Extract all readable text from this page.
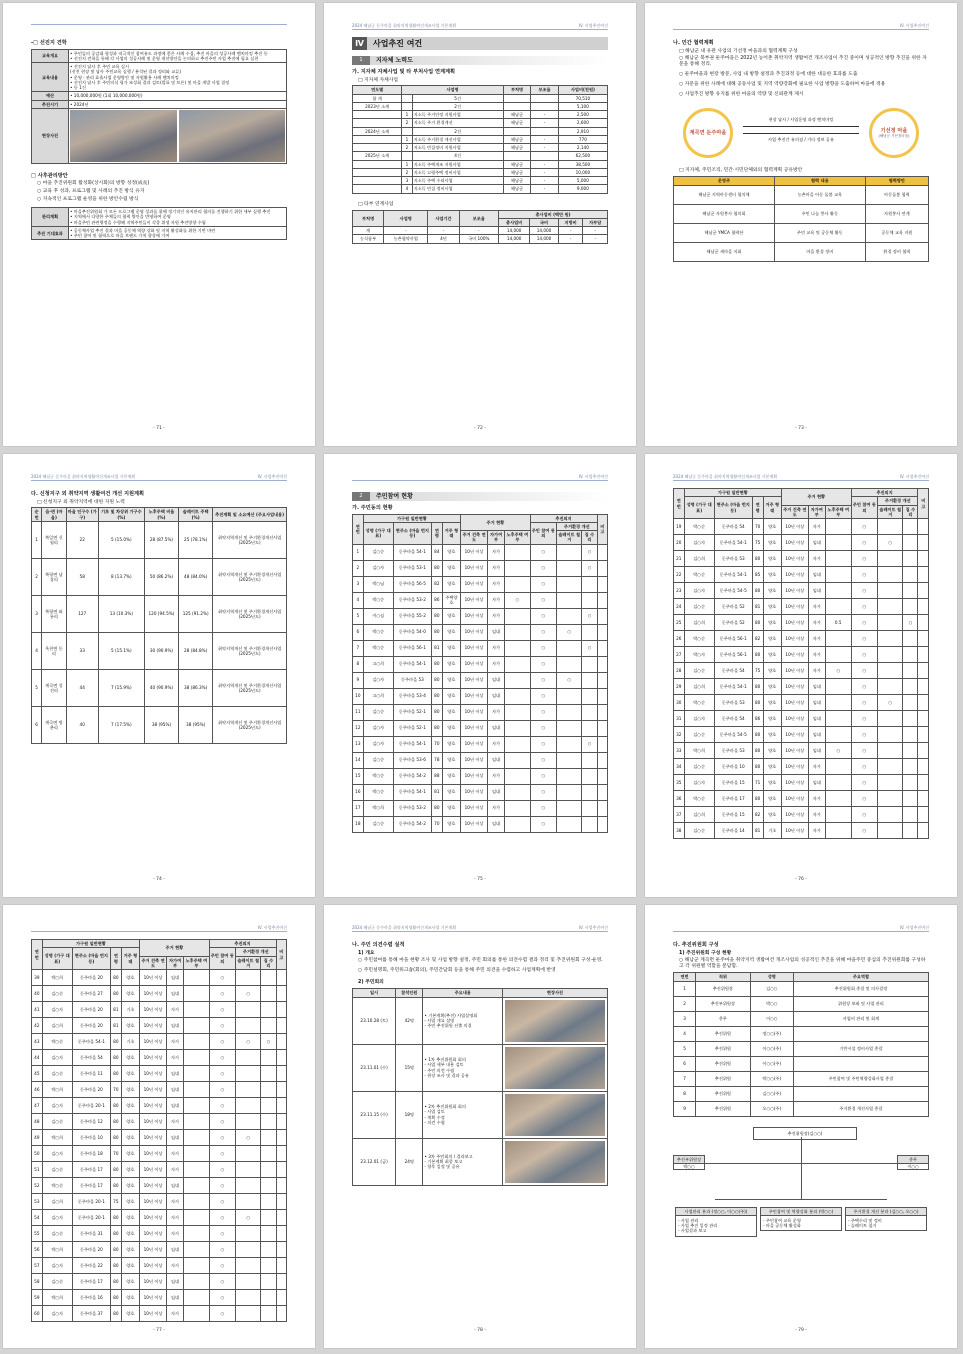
-□ 선진지 견학
교육개요	• 주민들의 공감대 형성과 적극적인 참여유도 과정에 좋은 사례 수집, 추진 마을의 성공사례 벤치마킹 추진 등
• 선진지 견학을 통해 각 사업의 성공사례 및 운영 개선방안을 논의하고 추진주민 사업 추진에 필요 실천

교육내용	• 선진지 답사 후 주민 교육 실시
(선진 현장 및 답사 주민교육 실행 / 분석된 결과 정리와 교류)
• 운영 · 관리 효율사업 운영방안 및 자원활용 사례 벤치마킹
• 선진지 답사 후 주민의식 평가 조성회 결과 검토(발표 및 토론) 및 마을 개발 사업 결정
• 등 1건

예산	• 10,000,000원 (1회 10,000,000원)

추진시기	• 2024년

현장사진	
□ 사후관리방안
○ 마을 추진위원회 활성화(상시화)의 방향 성정(成長)
○ 교육 후 성과, 프로그램 및 사례의 추진 방식 유지
○ 지속적인 프로그램 운영을 위한 방안수립 방식
관리계획	• 마을추진위원회 가 모든 프로그램 운영 성과를 위해 정기적인 유지관리 협의를 진행하기 위한 세부 실행 추진
• 지역에서 다양한 주체들의 협력 방안을 반영하여 운영
• 마을주민 관련행정을 수행해 지역주민들이 각종 위생 자원 추진방향 수립

추진 기대효과	• 공동체사업 추진 결과 마을 공동체 역량 강화 및 지역 활성화를 위한 기반 마련
• 주민 참여 및 협력으로 마을 브랜드 가치 향상에 기여
- 71 -
2024 해남군 둔주마을 취약지역생활여건개조사업 기본계획	IV. 사업추진여건
Ⅳ	사업추진 여건
1	지자체 노력도
가. 지자체 자체사업 및 타 부처사업 연계계획
□ 지자체 자체사업
연도별	사업명		부처명	보조율	사업비(천원)
합 계		5건			70,510
2023년 소계		2건			5,100
	1	저소득 주거안정 지원사업	해남군	-	2,500
	2	저소득 주거 환경개선	해남군	-	2,600
2024년 소계		2건			2,910
	1	저소득 주거환경 개선사업	해남군	-	770
	2	저소득 빈집정비 지원사업	해남군	-	2,140
2025년 소계		4건			62,500
	1	저소득 주택개조 지원사업	해남군	-	38,500
	2	저소득 고령주택 정비사업	해남군	-	10,000
	3	저소득 주택 수리사업	해남군	-	5,000
	4	저소득 빈집 정비사업	해남군	-	9,000
□ 타부 연계사업
부처명	사업명	사업기간	보조율	총사업비 (백만 원)			
				총사업비	국비	지방비	자부담
계	-	-	-	14,000	14,000	-	-
농식품부	농촌협약사업	4년	국비 100%	14,000	14,000	-	-
- 72 -
IV. 사업추진여건
나. 민간 협력계획
□ 해남군 내 유관 사업의 기선정 마을과의 협력계획 구성
○ 해남군 북부권 둔주마을은 2022년 농어촌 취약지역 생활여건 개조사업이 추진 중이며 성공적인 방향 추진을 위한 자문을 통해 정리.
○ 둔주마을과 현장 방문, 사업 내 방향 설정과 추진과정 등에 대한 대응한 효과를 도출
○ 자문을 위한 사례에 대해 공동사업 및 지역 역량강화에 필요한 사업 방향을 도출하여 마을에 적용
○ 사업추진 방향 유지를 위한 마을의 역량 및 신뢰관계 제시
계곡면 둔주마을	기선정 마을
(해남군 기선정마을)
현장 답사 / 사업운영 과정 벤치마킹
사업 추진간 유의점 / 기타 정보 공유
□ 지자체, 주민조직, 민간·시민단체와의 협력계획 공유방안
운영주	협력 내용	협력방안
해남군 지역아동센터 협의체	농촌마을 아동 돌봄 교육	아동돌봄 협력
해남군 자원봉사 협의회	주민 나눔 봉사 활동	자원봉사 연계
해남군 YMCA 협력단	주민 교육 및 공동체 활동	공동체 교육 지원
해남군 새마을 지회	마을 환경 정비	환경 정비 협력
- 73 -
2024 해남군 둔주마을 취약지역생활여건개조사업 기본계획	IV. 사업추진여건
다. 신청지구 외 취약지역 생활여건 개선 지원계획
□ 신청지구 외 취약지역에 대한 지원 노력
순번	읍·면 (마을)	마을 인구수 (가구)	기초 및 차상위 가구수 (%)	노후주택 비율 (%)	슬레이트 주택 (%)	추진계획 및 소요예산 (주요사업내용)
1	북일면 신월리	22	5 (15.0%)	28 (87.5%)	25 (78.1%)	취약지역개선 및 주거환경개선사업 (2025년도)
2	북평면 남창리	58	8 (13.7%)	50 (86.2%)	48 (84.0%)	취약지역개선 및 주거환경개선사업 (2025년도)
3	북평면 와룡리	127	13 (10.3%)	120 (94.5%)	125 (91.2%)	취약지역개선 및 주거환경개선사업 (2025년도)
4	옥천면 동리	33	5 (15.1%)	30 (90.9%)	28 (84.8%)	취약지역개선 및 주거환경개선사업 (2025년도)
5	계곡면 성진리	44	7 (15.9%)	40 (90.9%)	38 (86.3%)	취약지역개선 및 주거환경개선사업 (2025년도)
6	계곡면 방춘리	40	7 (17.5%)	38 (95%)	38 (95%)	취약지역개선 및 주거환경개선사업 (2025년도)
- 74 -
IV. 사업추진여건
2	주민참여 현황
가. 주민동의 현황
연번	가구원 일반현황				주거 현황			추진의지			비고
	성명 (가구 대표)	현주소 (마을 번지 등)	연령	거주 형태				주민 참여 동의	주거환경 개선		
					주거 건축 연도	자가여부	노후주택 여부		슬레이트 철거	집 수리	
1	김○순	둔주마을 54-1	84	양호	10년 이상	자가		○		○	
2	김○자	둔주마을 53-1	80	양호	10년 이상	자가		○		○	
3	박○님	둔주마을 56-5	82	양호	10년 이상	자가		○			
4	박○순	둔주마을 53-2	86	주택양호	10년 이상	자가	○	○			
5	이○심	둔주마을 55-2	80	양호	10년 이상	자가		○		○	
6	박○순	둔주마을 54-0	80	양호	10년 이상	임대		○	○		
7	박○순	둔주마을 56-1	81	양호	10년 이상	자가		○		○	
8	고○희	둔주마을 54-1	80	양호	10년 이상	자가		○			
9	김○자	둔주마을 53	80	양호	10년 이상	임대		○	○		
10	고○희	둔주마을 53-4	80	양호	10년 이상	임대		○			
11	김○순	둔주마을 52-1	80	양호	10년 이상	자가		○			
12	김○자	둔주마을 52-1	80	양호	10년 이상	임대		○			
13	김○자	둔주마을 54-1	70	양호	10년 이상	자가		○		○	
14	김○순	둔주마을 53-6	78	양호	10년 이상	임대		○			
15	박○순	둔주마을 54-2	88	양호	10년 이상	자가		○			
16	박○순	둔주마을 54-1	81	양호	10년 이상	임대		○			
17	박○희	둔주마을 53-2	80	양호	10년 이상	자가		○			
18	김○순	둔주마을 54-2	70	양호	10년 이상	임대		○			
- 75 -
2024 해남군 둔주마을 취약지역생활여건개조사업 기본계획	IV. 사업추진여건
연번	가구원 일반현황				주거 현황			추진의지			비고
	성명 (가구 대표)	현주소 (마을 번지 등)	연령	거주 형태				주민 참여 동의	주거환경 개선		
					주거 건축 연도	자가여부	노후주택 여부		슬레이트 철거	집 수리	
19	박○순	둔주마을 54	70	양호	10년 이상	자가		○			
20	김○자	둔주마을 54-1	75	양호	10년 이상	임대		○	○		
21	김○희	둔주마을 53	80	양호	10년 이상	자가		○			
22	박○순	둔주마을 54-1	85	양호	10년 이상	임대		○			
23	김○자	둔주마을 54-5	80	양호	10년 이상	임대		○			
24	김○순	둔주마을 52	81	양호	10년 이상	자가		○			
25	김○희	둔주마을 52	80	양호	10년 이상	자가	0.5	○		○	
26	박○순	둔주마을 56-1	82	양호	10년 이상	자가		○			
27	박○자	둔주마을 56-1	80	양호	10년 이상	자가		○			
28	김○순	둔주마을 54	75	양호	10년 이상	자가	○	○			
29	김○희	둔주마을 54-1	80	양호	10년 이상	임대		○			
30	박○순	둔주마을 53	80	양호	10년 이상	임대		○	○		
31	김○자	둔주마을 54	86	양호	10년 이상	임대		○			
32	김○순	둔주마을 54-5	80	양호	10년 이상	임대		○			
33	박○희	둔주마을 53	80	양호	10년 이상	임대	○	○			
34	김○순	둔주마을 10	80	양호	10년 이상	자가		○			
35	김○자	둔주마을 15	71	양호	10년 이상	임대		○			
36	박○순	둔주마을 17	80	양호	10년 이상	자가		○			
37	김○희	둔주마을 15	82	양호	10년 이상	자가		○			
38	김○순	둔주마을 14	81	기초	10년 이상	자가		○			
- 76 -
IV. 사업추진여건
연번	가구원 일반현황				주거 현황			추진의지			비고
	성명 (가구 대표)	현주소 (마을 번지 등)	연령	거주 형태				주민 참여 동의	주거환경 개선		
					주거 건축 연도	자가여부	노후주택 여부		슬레이트 철거	집 수리	
39	박○희	둔주마을 20	80	양호	10년 이상	임대		○			
40	김○순	둔주마을 27	80	양호	10년 이상	임대		○	○		
41	김○자	둔주마을 20	81	기초	10년 이상	자가		○			
42	김○희	둔주마을 20	81	양호	10년 이상	임대		○			
43	박○순	둔주마을 54-1	80	기초	10년 이상	자가		○	○	○	
44	김○자	둔주마을 54	80	양호	10년 이상	자가		○			
45	김○순	둔주마을 11	80	양호	10년 이상	임대		○			
46	박○희	둔주마을 20	70	양호	10년 이상	임대		○			
47	김○자	둔주마을 20-1	80	양호	10년 이상	임대		○			
48	김○순	둔주마을 12	80	양호	10년 이상	자가		○			
49	박○희	둔주마을 10	80	양호	10년 이상	임대		○	○		
50	김○자	둔주마을 18	70	양호	10년 이상	자가		○			
51	김○순	둔주마을 17	80	양호	10년 이상	자가		○			
52	박○순	둔주마을 17	80	양호	10년 이상	임대		○			
53	김○희	둔주마을 20-1	75	양호	10년 이상	자가		○			
54	김○자	둔주마을 20-1	80	양호	10년 이상	자가		○	○		
55	김○순	둔주마을 31	80	양호	10년 이상	자가		○			
56	박○희	둔주마을 20	80	양호	10년 이상	임대		○			
57	김○자	둔주마을 22	80	양호	10년 이상	자가		○			
58	김○순	둔주마을 17	80	양호	10년 이상	임대		○			
59	박○희	둔주마을 16	80	양호	10년 이상	임대		○			
60	김○자	둔주마을 37	80	양호	10년 이상	자가		○			
- 77 -
2024 해남군 둔주마을 취약지역생활여건개조사업 기본계획	IV. 사업추진여건
나. 주민 의견수렴 실적
1) 개요
○ 주민참여를 통해 마을 현황 조사 및 사업 방향 설정, 주민 회의를 통한 의견수렴 결과 정리 및 추진위원회 구성·운영.
○ 주민설명회, 주민워크숍(회의), 주민간담회 등을 통해 주민 의견을 수렴하고 사업계획에 반영
2) 주민회의
일시	참석인원	주요내용	현장사진
23.10.28 (토)	42명	• 기본계획(추진) 사업설명회
- 사업 개요 설명
- 주민 추진위원 선출 의결	

23.11.01 (수)	15명	• 1차 추진위원회 회의
- 사업 세부 내용 검토
- 주민 의견 수렴
- 현장 조사 및 결과 공유	

23.11.15 (수)	18명	• 2차 추진위원회 회의
- 사업 검토
- 계획 수정
- 의견 수렴	

23.12.01 (금)	24명	• 3차 주민회의 / 결과보고
- 기본계획 최종 보고
- 향후 일정 및 공유	

- 78 -
IV. 사업추진여건
다. 추진위원회 구성
1) 추진위원회 구성 현황
○ 해남군 계곡면 둔주마을 취약지역 생활여건 개조사업의 성공적인 추진을 위해 마을주민 중심의 추진위원회를 구성하고 각 위원별 역할을 분담함.
연번	직위	성명	주요역할
1	추진위원장	김○○	추진위원회 총괄 및 의사결정
2	추진부위원장	박○○	위원장 보좌 및 사업 관리
3	총무	이○○	사업비 관리 및 회계
4	추진위원	정○○(주)	
5	추진위원	이○○(주)	기반시설 정비사업 총괄
6	추진위원	이○○(주)	
7	추진위원	박○○(주)	주민참여 및 주민역량강화사업 총괄
8	추진위원	김○○(주)	
9	추진위원	오○○(주)	주거환경 개선사업 총괄
추진위원장(김○○)
추진부위원장
박○○
총무
이○○
사업관리 분과 (정○○, 이○○(주))
- 사업 관리
- 사업 추진 일정 관리
- 사업결과 보고
주민참여 및 역량강화 분과 (박○○)
- 주민참여 교육 운영
- 마을 공동체 활성화
주거환경 개선 분과 (김○○, 오○○)
- 주택수리 및 정비
- 슬레이트 철거
- 79 -
